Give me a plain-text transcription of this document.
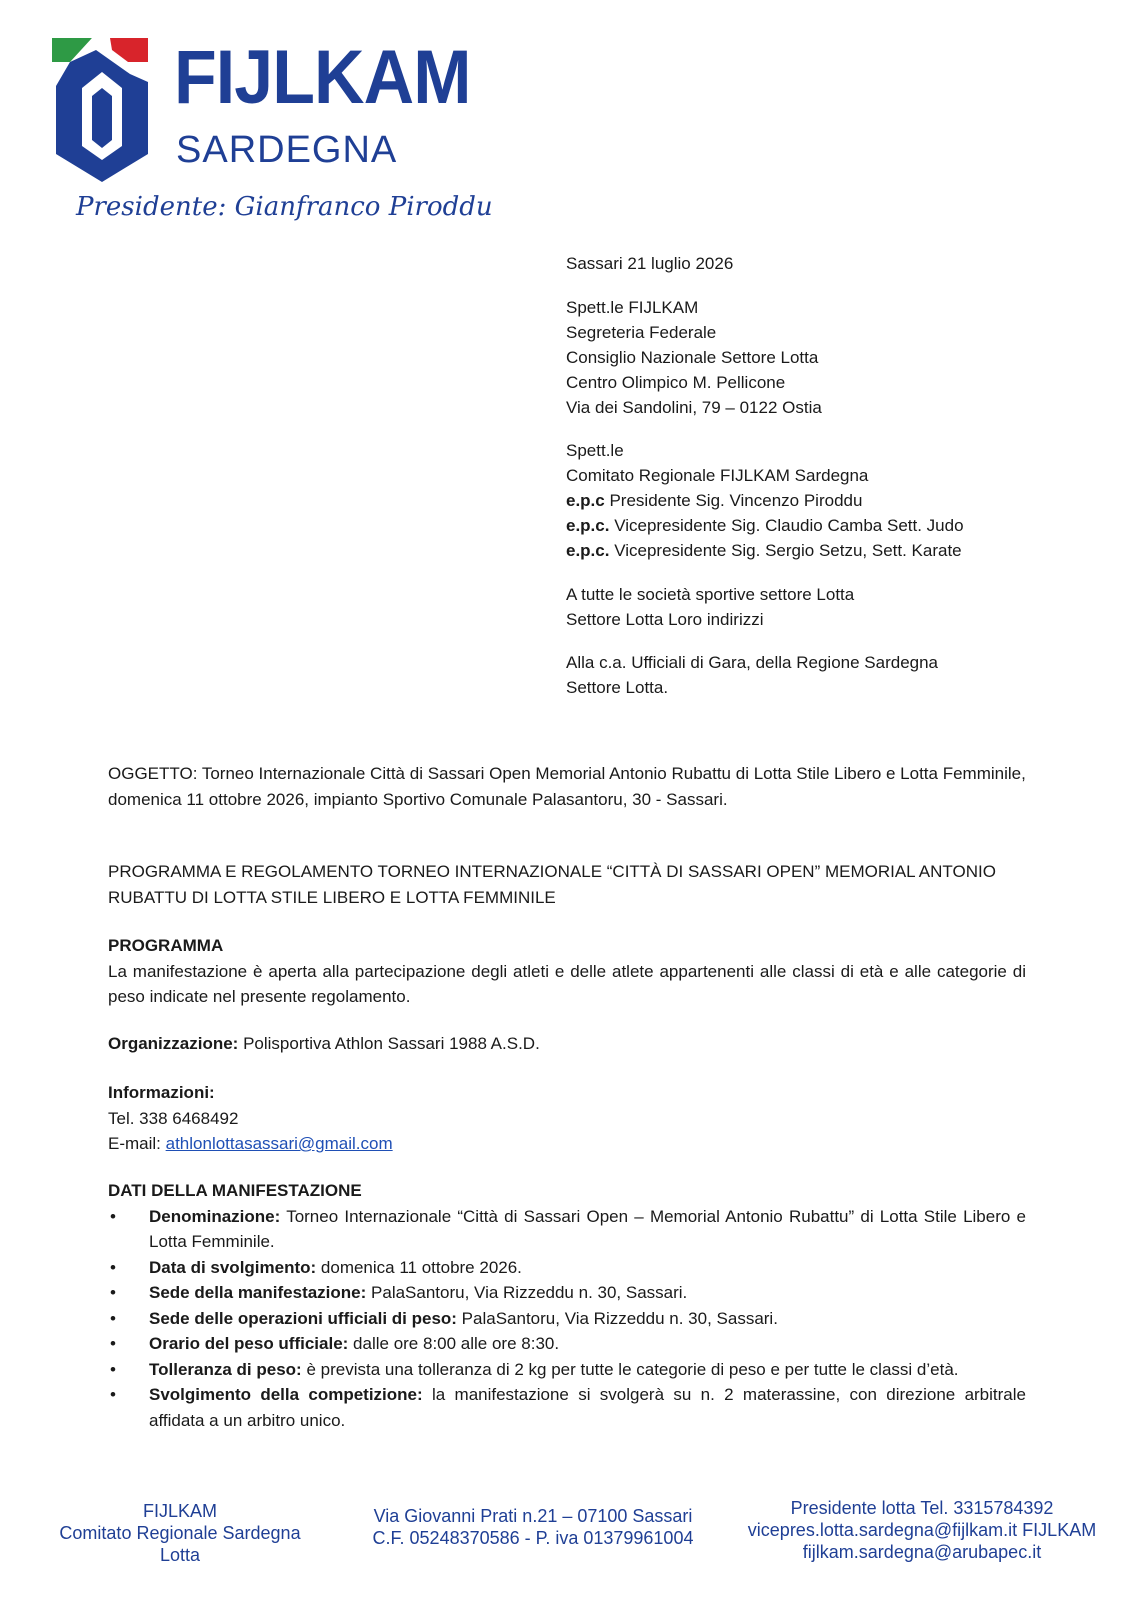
FIJLKAM
SARDEGNA
Presidente: Gianfranco Piroddu
Sassari 21 luglio 2026
Spett.le FIJLKAM
Segreteria Federale
Consiglio Nazionale Settore Lotta
Centro Olimpico M. Pellicone
Via dei Sandolini, 79 – 0122 Ostia
Spett.le
Comitato Regionale FIJLKAM Sardegna
e.p.c Presidente Sig. Vincenzo Piroddu
e.p.c. Vicepresidente Sig. Claudio Camba Sett. Judo
e.p.c. Vicepresidente Sig. Sergio Setzu, Sett. Karate
A tutte le società sportive settore Lotta
Settore Lotta Loro indirizzi
Alla c.a. Ufficiali di Gara, della Regione Sardegna
Settore Lotta.
OGGETTO: Torneo Internazionale Città di Sassari Open Memorial Antonio Rubattu di Lotta Stile Libero e Lotta Femminile, domenica 11 ottobre 2026, impianto Sportivo Comunale Palasantoru, 30 - Sassari.
PROGRAMMA E REGOLAMENTO TORNEO INTERNAZIONALE “CITTÀ DI SASSARI OPEN” MEMORIAL ANTONIO RUBATTU DI LOTTA STILE LIBERO E LOTTA FEMMINILE
PROGRAMMA
La manifestazione è aperta alla partecipazione degli atleti e delle atlete appartenenti alle classi di età e alle categorie di peso indicate nel presente regolamento.
Organizzazione: Polisportiva Athlon Sassari 1988 A.S.D.
Informazioni:
Tel. 338 6468492
E-mail: athlonlottasassari@gmail.com
DATI DELLA MANIFESTAZIONE
• Denominazione: Torneo Internazionale “Città di Sassari Open – Memorial Antonio Rubattu” di Lotta Stile Libero e Lotta Femminile.
• Data di svolgimento: domenica 11 ottobre 2026.
• Sede della manifestazione: PalaSantoru, Via Rizzeddu n. 30, Sassari.
• Sede delle operazioni ufficiali di peso: PalaSantoru, Via Rizzeddu n. 30, Sassari.
• Orario del peso ufficiale: dalle ore 8:00 alle ore 8:30.
• Tolleranza di peso: è prevista una tolleranza di 2 kg per tutte le categorie di peso e per tutte le classi d’età.
• Svolgimento della competizione: la manifestazione si svolgerà su n. 2 materassine, con direzione arbitrale affidata a un arbitro unico.
FIJLKAM
Comitato Regionale Sardegna
Lotta
Via Giovanni Prati n.21 – 07100 Sassari
C.F. 05248370586 - P. iva 01379961004
Presidente lotta Tel. 3315784392
vicepres.lotta.sardegna@fijlkam.it FIJLKAM
fijlkam.sardegna@arubapec.it
